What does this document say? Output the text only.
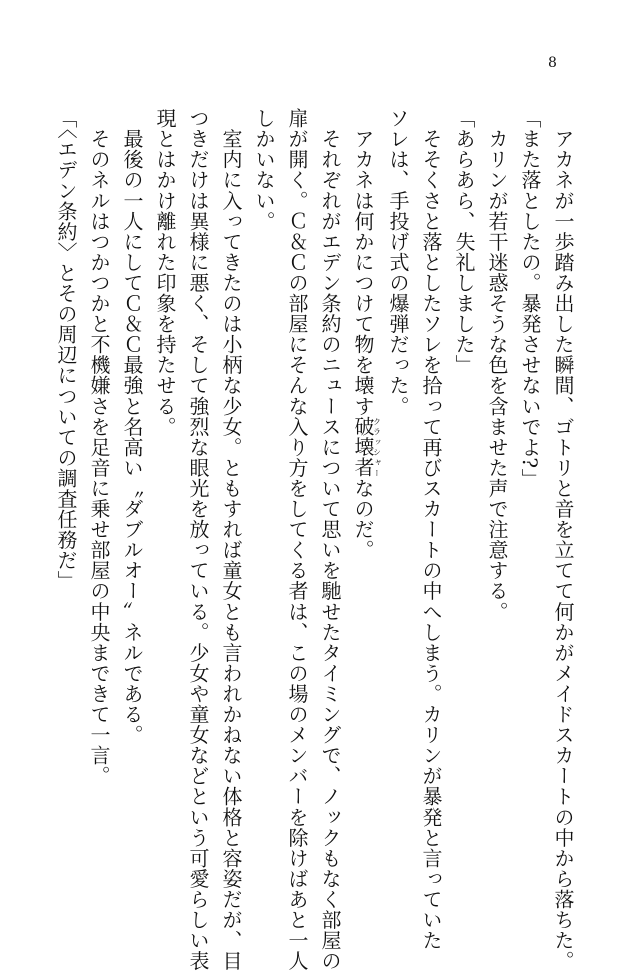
8
　アカネが一歩踏み出した瞬間、ゴトリと音を立てて何かがメイドスカートの中から落ちた。
「また落としたの。暴発させないでよ?」
　カリンが若干迷惑そうな色を含ませた声で注意する。
「あらあら、失礼しました」
　そそくさと落としたソレを拾って再びスカートの中へしまう。カリンが暴発と言っていた
ソレは、手投げ式の爆弾だった。
　アカネは何かにつけて物を壊す破壊者クラッシャーなのだ。
　それぞれがエデン条約のニュースについて思いを馳せたタイミングで、ノックもなく部屋の
扉が開く。Ｃ＆Ｃの部屋にそんな入り方をしてくる者は、この場のメンバーを除けばあと一人
しかいない。
　室内に入ってきたのは小柄な少女。ともすれば童女とも言われかねない体格と容姿だが、目
つきだけは異様に悪く、そして強烈な眼光を放っている。少女や童女などという可愛らしい表
現とはかけ離れた印象を持たせる。
　最後の一人にしてＣ＆Ｃ最強と名高い〝ダブルオー〟ネルである。
　そのネルはつかつかと不機嫌さを足音に乗せ部屋の中央まできて一言。
「〈エデン条約〉とその周辺についての調査任務だ」
